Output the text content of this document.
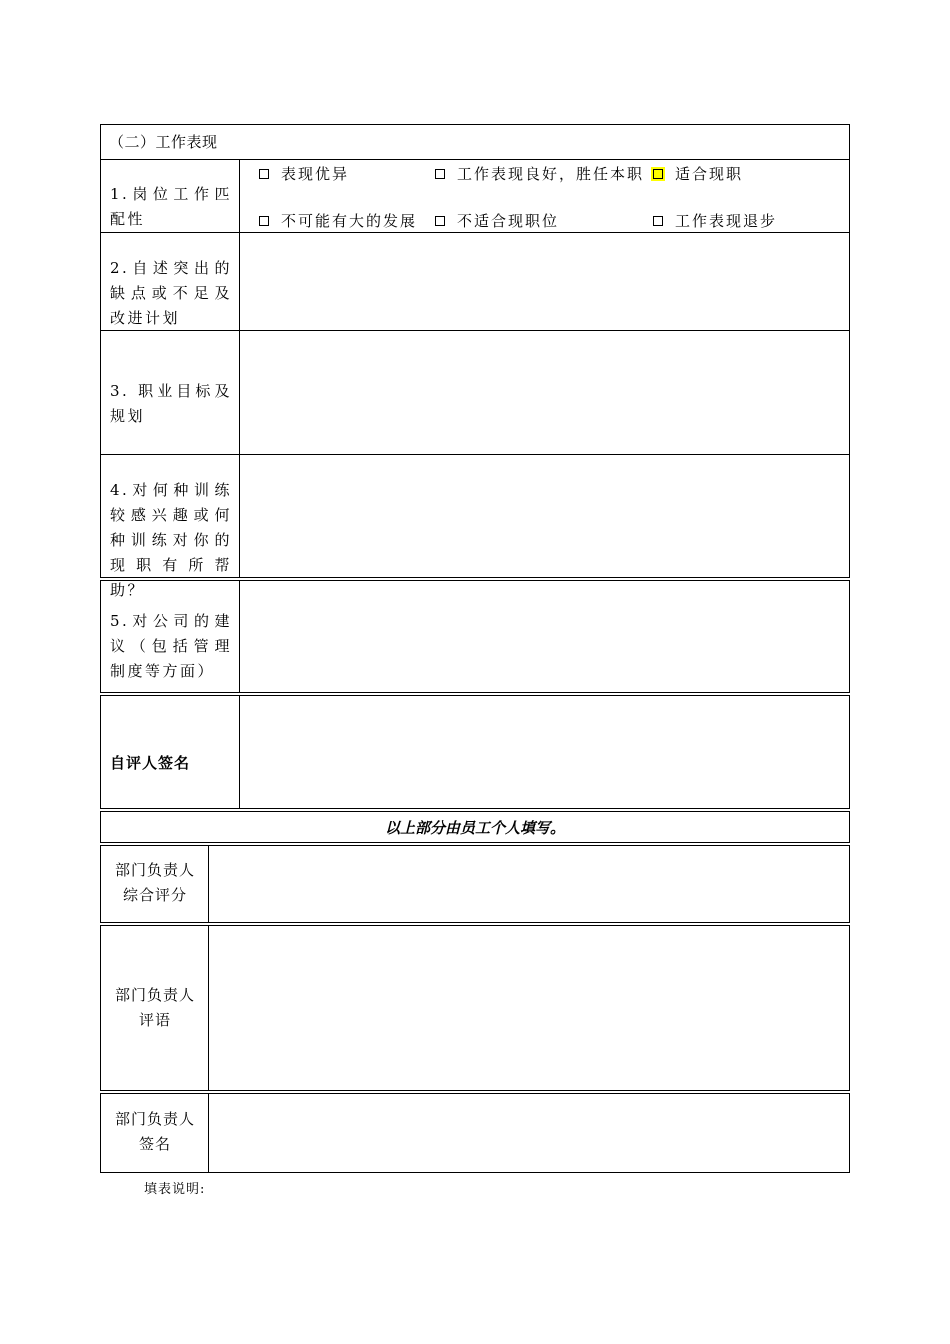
（二）工作表现
1.岗位工作匹配性
表现优异	工作表现良好，胜任本职 适合现职
不可能有大的发展	不适合现职位	工作表现退步
2.自述突出的缺点或不足及改进计划
3. 职业目标及规划
4.对何种训练较感兴趣或何种训练对你的现职有所帮助？
5.对公司的建议（包括管理制度等方面）
自评人签名
以上部分由员工个人填写。
部门负责人综合评分
部门负责人评语
部门负责人签名
填表说明:
